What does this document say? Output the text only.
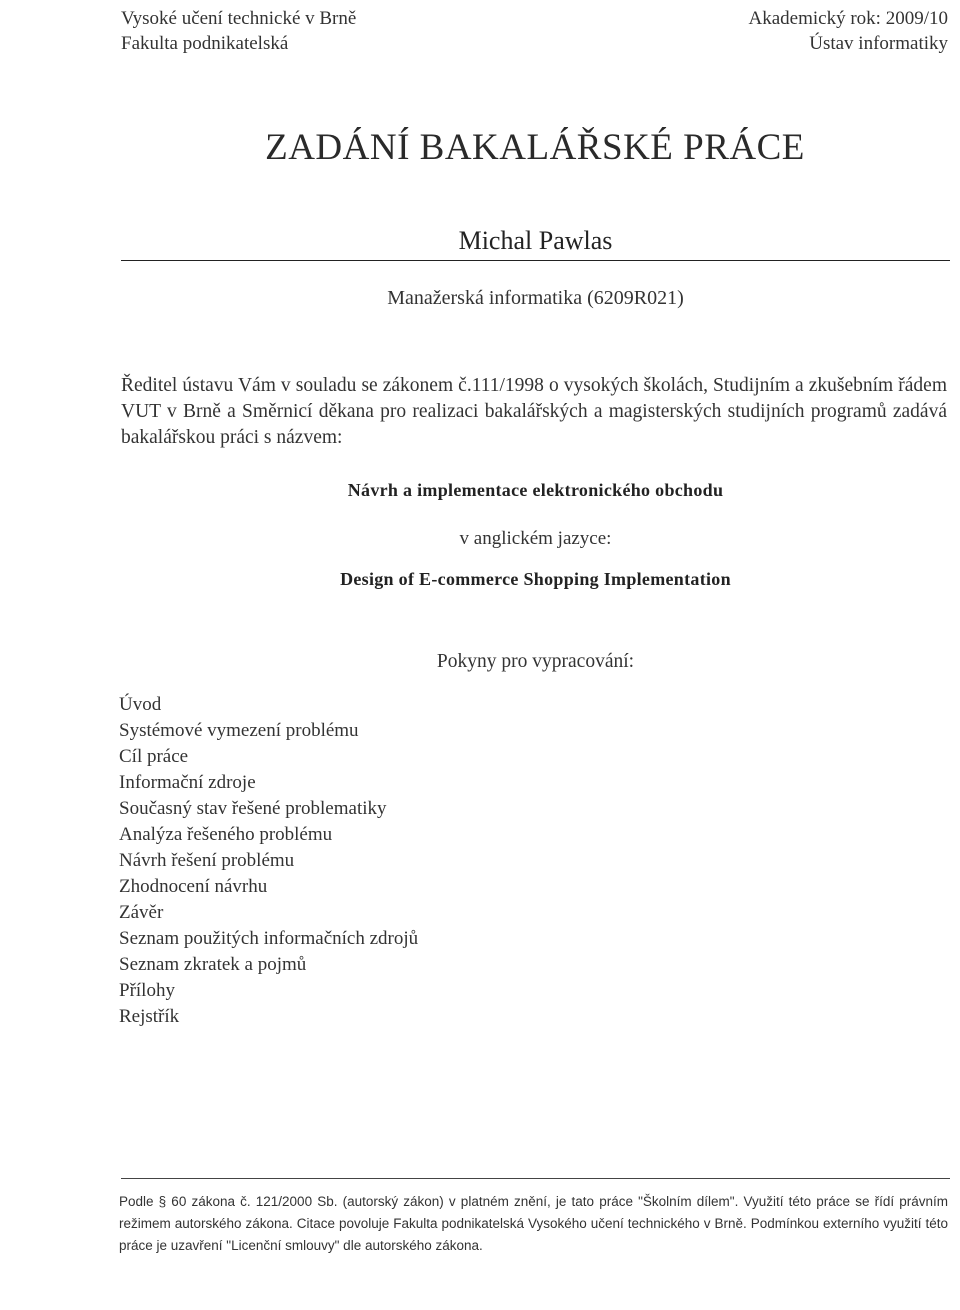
Vysoké učení technické v Brně
Fakulta podnikatelská
Akademický rok: 2009/10
Ústav informatiky
ZADÁNÍ BAKALÁŘSKÉ PRÁCE
Michal Pawlas
Manažerská informatika (6209R021)
Ředitel ústavu Vám v souladu se zákonem č.111/1998 o vysokých školách, Studijním a zkušebním řádem VUT v Brně a Směrnicí děkana pro realizaci bakalářských a magisterských studijních programů zadává bakalářskou práci s názvem:
Návrh a implementace elektronického obchodu
v anglickém jazyce:
Design of E-commerce Shopping Implementation
Pokyny pro vypracování:
Úvod
Systémové vymezení problému
Cíl práce
Informační zdroje
Současný stav řešené problematiky
Analýza řešeného problému
Návrh řešení problému
Zhodnocení návrhu
Závěr
Seznam použitých informačních zdrojů
Seznam zkratek a pojmů
Přílohy
Rejstřík
Podle § 60 zákona č. 121/2000 Sb. (autorský zákon) v platném znění, je tato práce "Školním dílem". Využití této práce se řídí právním režimem autorského zákona. Citace povoluje Fakulta podnikatelská Vysokého učení technického v Brně. Podmínkou externího využití této práce je uzavření "Licenční smlouvy" dle autorského zákona.
